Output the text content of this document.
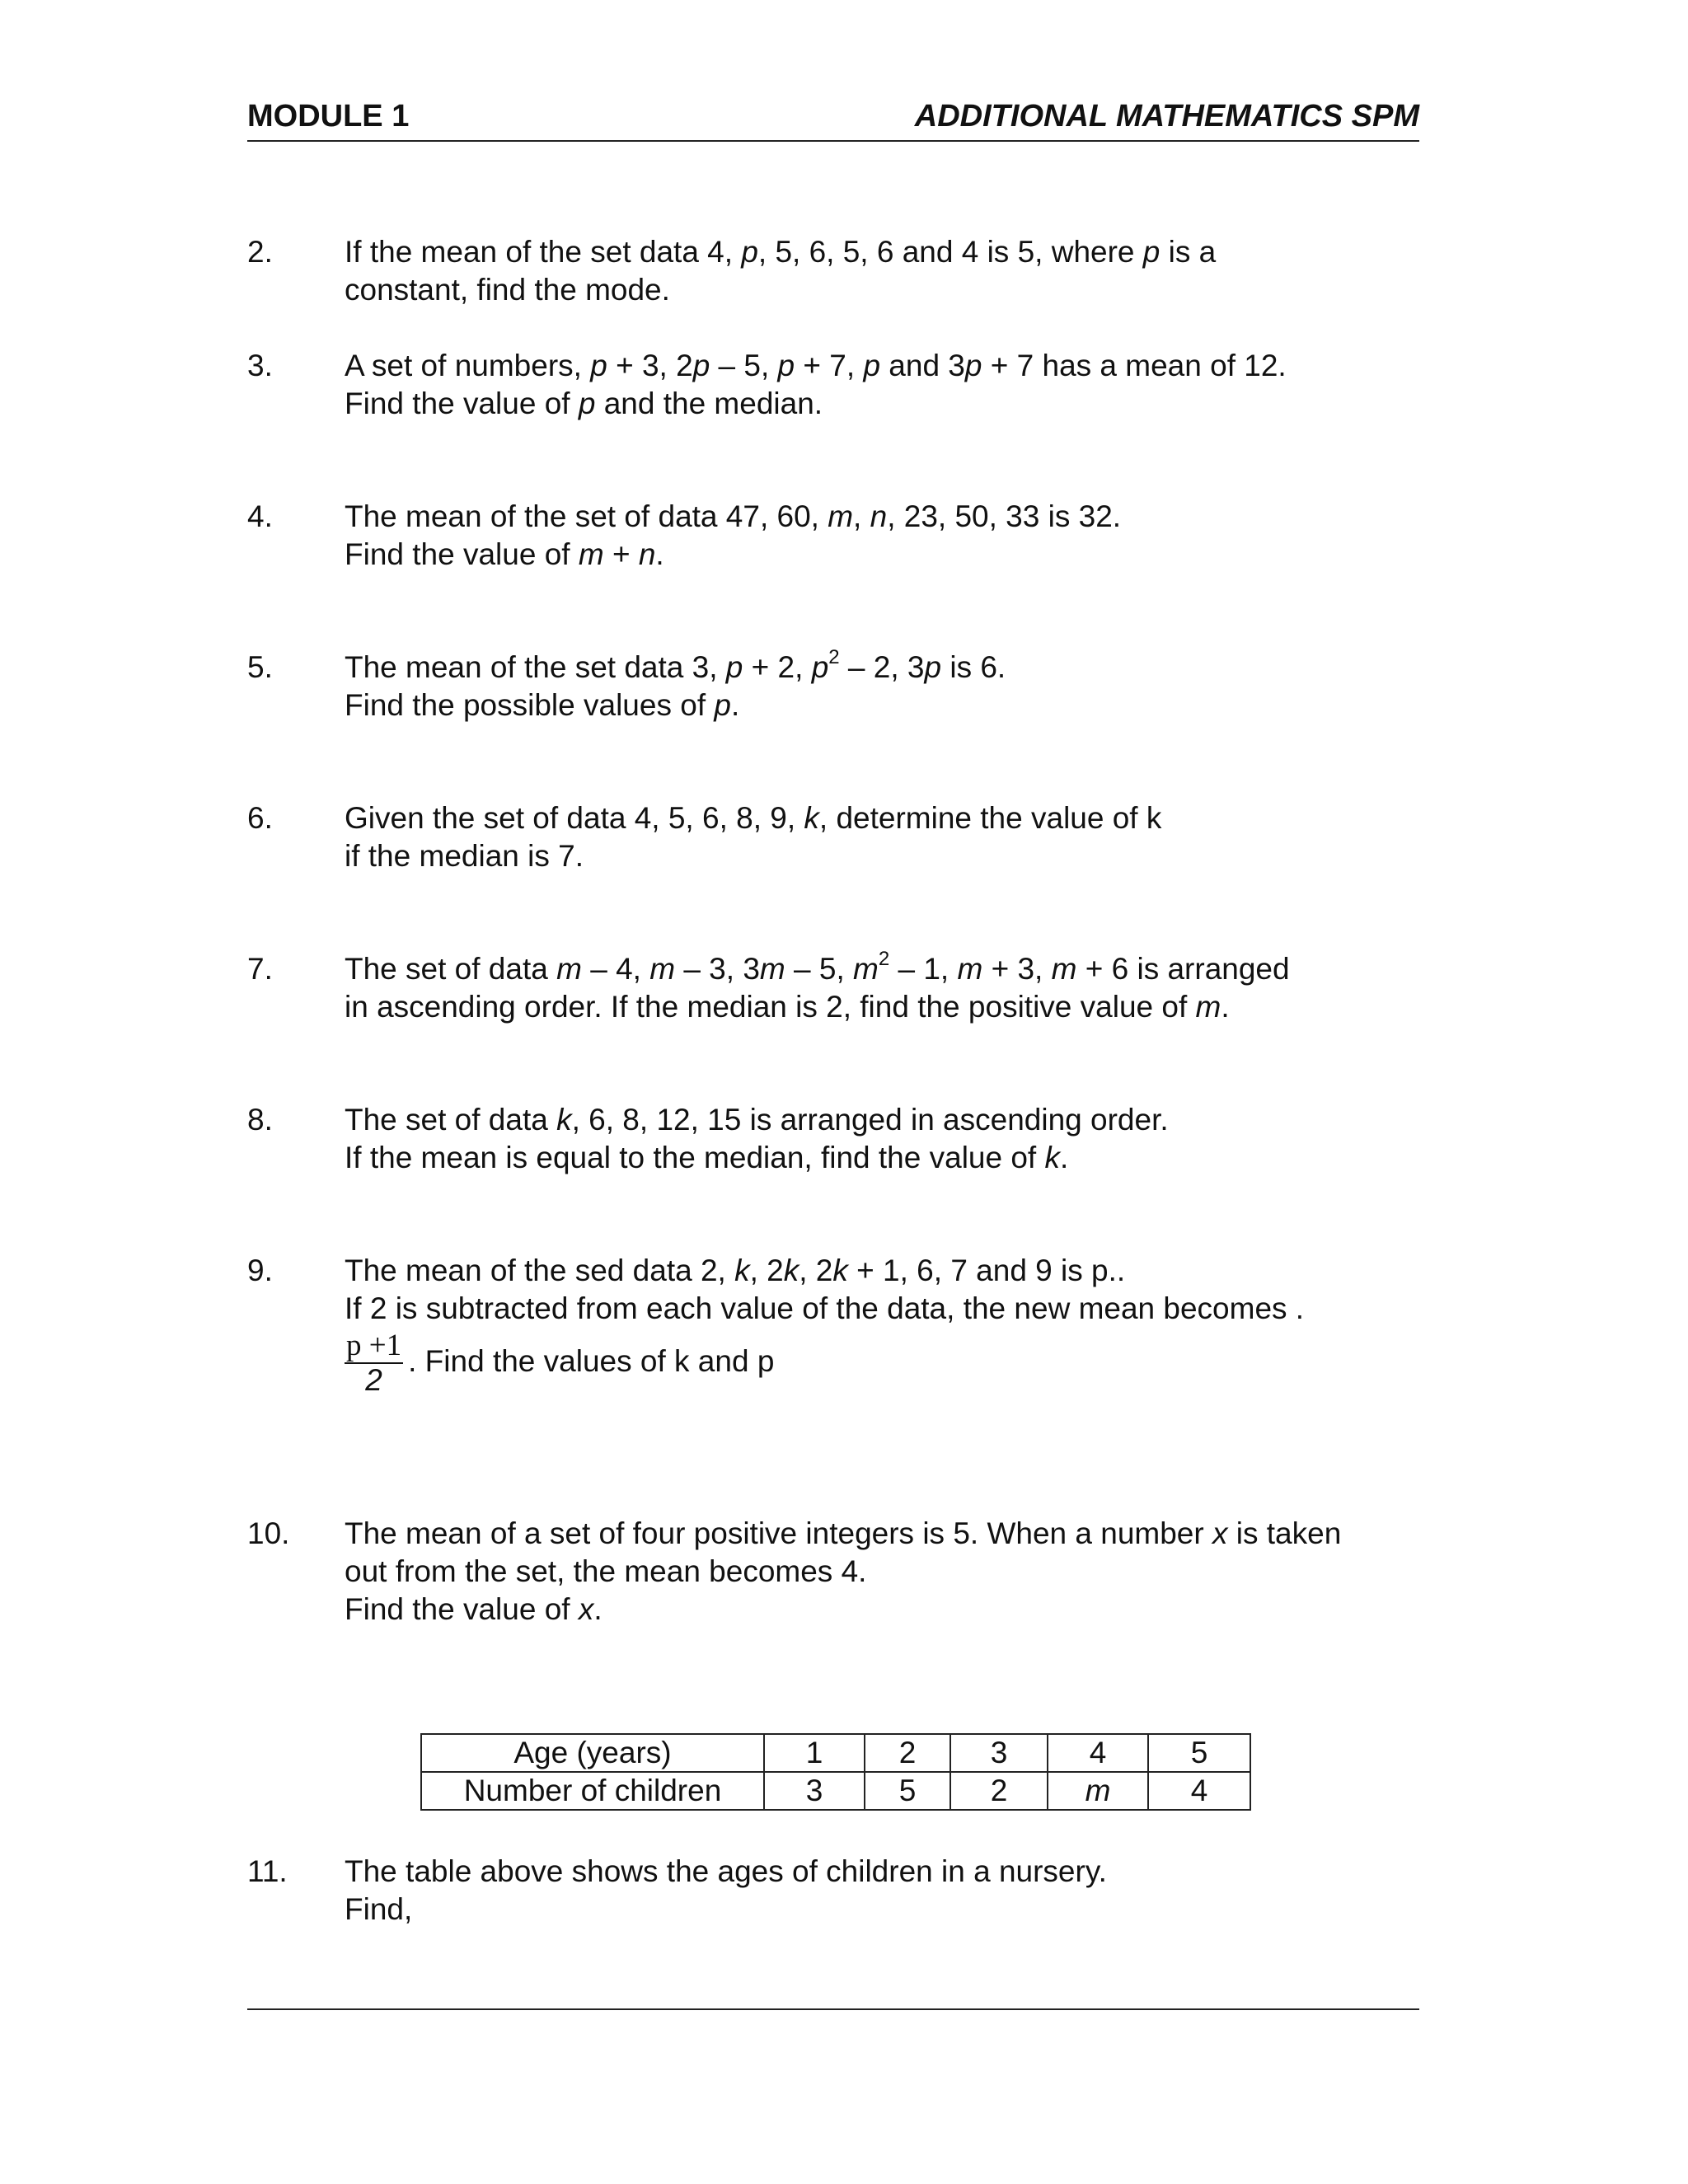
MODULE 1	ADDITIONAL MATHEMATICS SPM
2. If the mean of the set data 4, p, 5, 6, 5, 6 and 4 is 5, where p is a
constant, find the mode.
3. A set of numbers, p + 3, 2p – 5, p + 7, p and 3p + 7 has a mean of 12.
Find the value of p and the median.
4. The mean of the set of data 47, 60, m, n, 23, 50, 33 is 32.
Find the value of m + n.
5. The mean of the set data 3, p + 2, $p^2 - 2$, 3p is 6.
Find the possible values of p.
6. Given the set of data 4, 5, 6, 8, 9, k, determine the value of k
if the median is 7.
7. The set of data m – 4, m – 3, 3m – 5, $m^2 - 1$, m + 3, m + 6 is arranged
in ascending order. If the median is 2, find the positive value of m.
8. The set of data k, 6, 8, 12, 15 is arranged in ascending order.
If the mean is equal to the median, find the value of k.
9. The mean of the sed data 2, k, 2k, 2k + 1, 6, 7 and 9 is p..
If 2 is subtracted from each value of the data, the new mean becomes .
$\frac{p +1}{2}$ . Find the values of k and p
10. The mean of a set of four positive integers is 5. When a number x is taken
out from the set, the mean becomes 4.
Find the value of x.
Age (years)	1	2	3	4	5
Number of children	3	5	2	m	4
11. The table above shows the ages of children in a nursery.
Find,
